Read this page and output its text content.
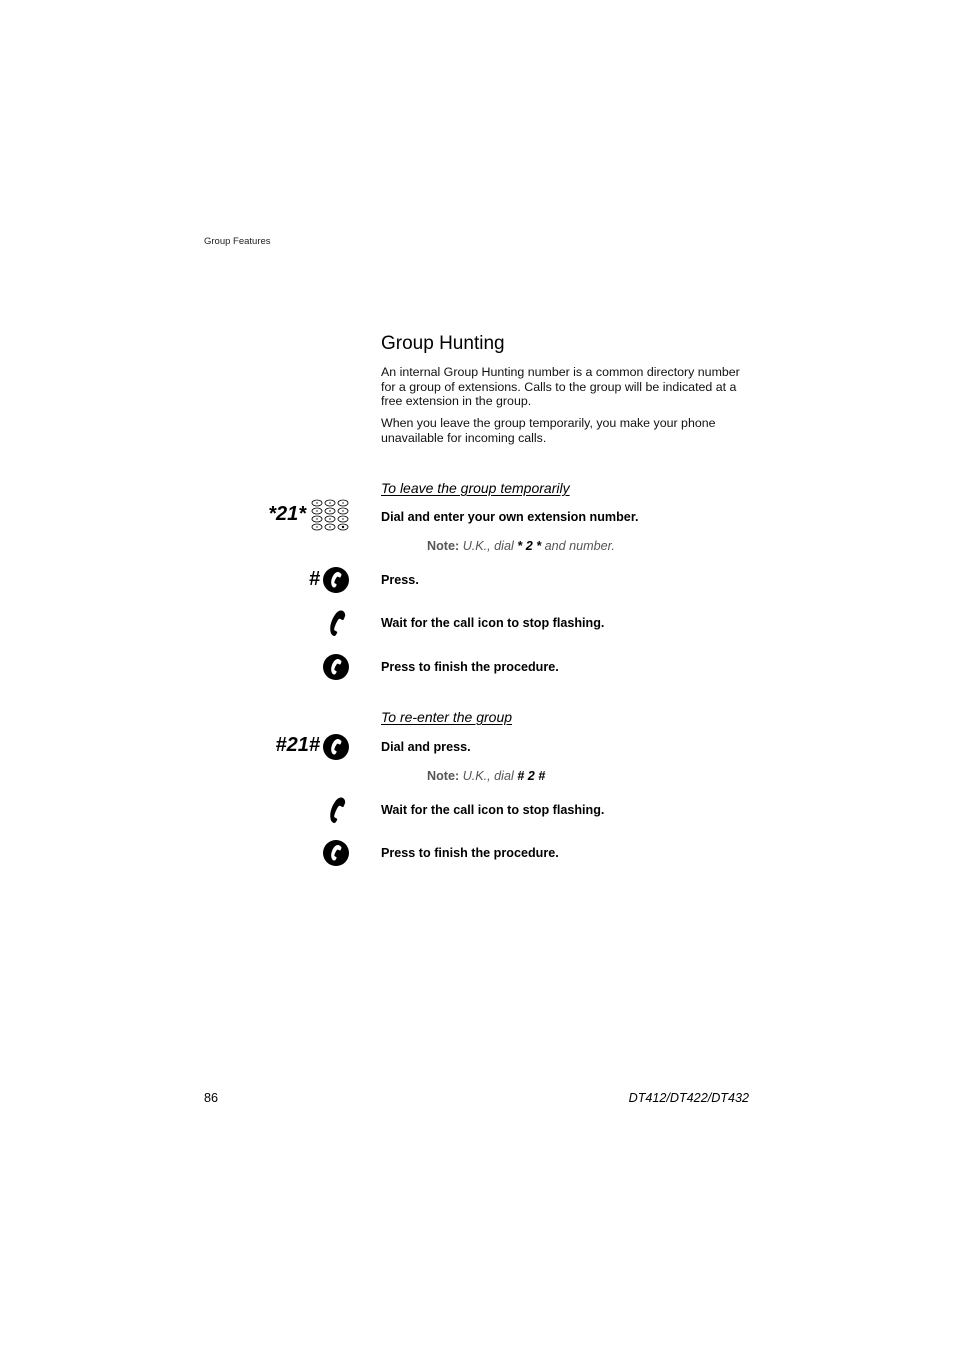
Group Features
Group Hunting

An internal Group Hunting number is a common directory number for a group of extensions. Calls to the group will be indicated at a free extension in the group.

When you leave the group temporarily, you make your phone unavailable for incoming calls.

To leave the group temporarily
*21*	Dial and enter your own extension number.
Note: U.K., dial * 2 * and number.
#	Press.
Wait for the call icon to stop flashing.
Press to finish the procedure.
To re-enter the group
#21#	Dial and press.
Note: U.K., dial # 2 #
Wait for the call icon to stop flashing.
Press to finish the procedure.
86	DT412/DT422/DT432
